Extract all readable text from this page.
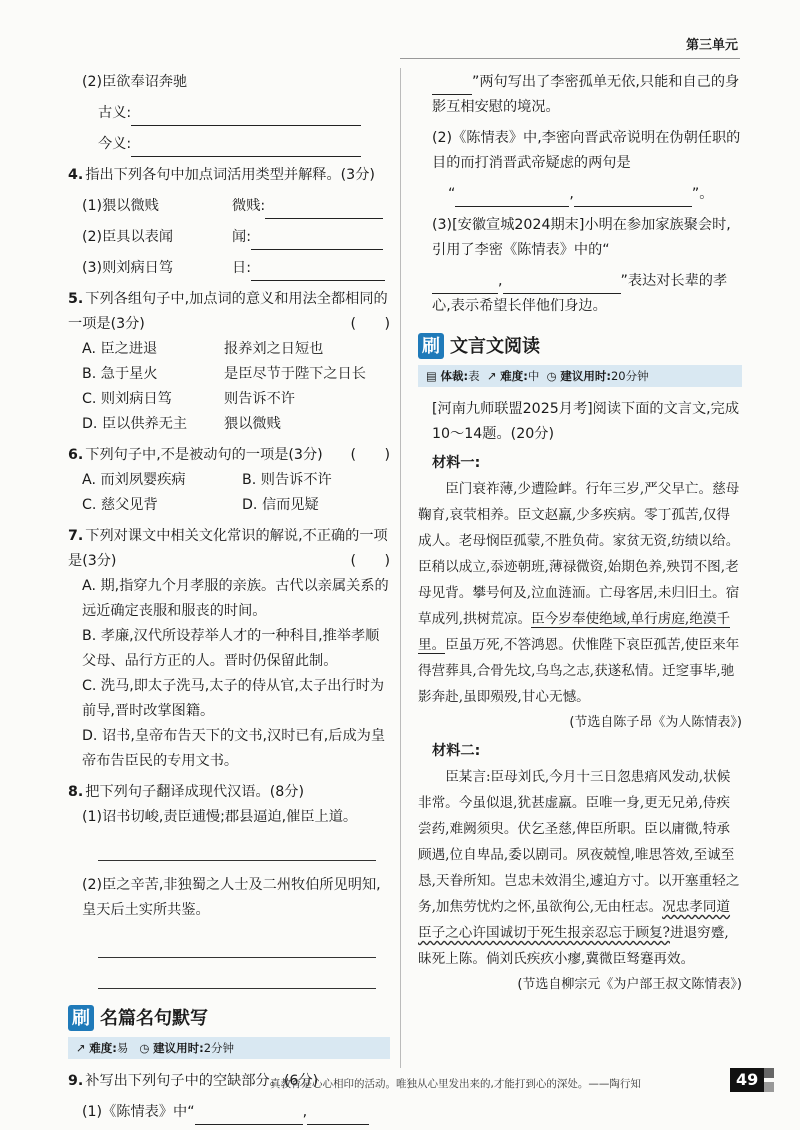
第三单元
(2)臣欲奉诏奔驰
古义:
今义:
4. 指出下列各句中加点词活用类型并解释。(3分)
(1)猥以微贱	微贱:
(2)臣具以表闻	闻:
(3)则刘病日笃	日:
5. 下列各组句子中,加点词的意义和用法全都相同的一项是(3分)	(　　)
A. 臣之进退	报养刘之日短也
B. 急于星火	是臣尽节于陛下之日长
C. 则刘病日笃	则告诉不许
D. 臣以供养无主	猥以微贱
6. 下列句子中,不是被动句的一项是(3分) (　　)
A. 而刘夙婴疾病	B. 则告诉不许
C. 慈父见背	D. 信而见疑
7. 下列对课文中相关文化常识的解说,不正确的一项是(3分)	(　　)
A. 期,指穿九个月孝服的亲族。古代以亲属关系的远近确定丧服和服丧的时间。
B. 孝廉,汉代所设荐举人才的一种科目,推举孝顺父母、品行方正的人。晋时仍保留此制。
C. 洗马,即太子洗马,太子的侍从官,太子出行时为前导,晋时改掌图籍。
D. 诏书,皇帝布告天下的文书,汉时已有,后成为皇帝布告臣民的专用文书。
8. 把下列句子翻译成现代汉语。(8分)
(1)诏书切峻,责臣逋慢;郡县逼迫,催臣上道。
(2)臣之辛苦,非独蜀之人士及二州牧伯所见明知,皇天后土实所共鉴。
刷 名篇名句默写
↗ 难度:易 ◷ 建议用时:2分钟
9. 补写出下列句子中的空缺部分。(6分)
(1)《陈情表》中“	,
”两句写出了李密孤单无依,只能和自己的身影互相安慰的境况。
(2)《陈情表》中,李密向晋武帝说明在伪朝任职的目的而打消晋武帝疑虑的两句是
“	,	”。
(3)[安徽宣城2024期末]小明在参加家族聚会时,引用了李密《陈情表》中的“
,	”表达对长辈的孝心,表示希望长伴他们身边。
刷 文言文阅读
▤ 体裁:表 ↗ 难度:中 ◷ 建议用时:20分钟
[河南九师联盟2025月考]阅读下面的文言文,完成10～14题。(20分)
材料一:
臣门衰祚薄,少遭险衅。行年三岁,严父早亡。慈母鞠育,哀茕相养。臣文赵羸,少多疾病。零丁孤苦,仅得成人。老母悯臣孤蒙,不胜负荷。家贫无资,纺绩以给。臣稍以成立,忝迹朝班,薄禄微资,始期色养,殃罚不图,老母见背。攀号何及,泣血涟洏。亡母客居,未归旧土。宿草成列,拱树荒凉。臣今岁奉使绝域,单行虏庭,绝漠千里。臣虽万死,不答鸿恩。伏惟陛下哀臣孤苦,使臣来年得营葬具,合骨先坟,乌鸟之志,获遂私情。迁窆事毕,驰影奔赴,虽即殒殁,甘心无憾。
(节选自陈子昂《为人陈情表》)
材料二:
臣某言:臣母刘氏,今月十三日忽患痟风发动,状候非常。今虽似退,犹甚虚羸。臣唯一身,更无兄弟,侍疾尝药,难阙须臾。伏乞圣慈,俾臣所职。臣以庸微,特承顾遇,位自卑品,委以剧司。夙夜兢惶,唯思答效,至诚至恳,天眷所知。岂忠未效涓尘,遽迫方寸。以开塞重轻之务,加焦劳忧灼之怀,虽欲徇公,无由枉志。况忠孝同道臣子之心许国诚切于死生报亲忍忘于顾复?进退穷蹙,昧死上陈。倘刘氏疾疚小瘳,冀微臣驽蹇再效。
(节选自柳宗元《为户部王叔文陈情表》)
真教育是心心相印的活动。唯独从心里发出来的,才能打到心的深处。——陶行知	49
